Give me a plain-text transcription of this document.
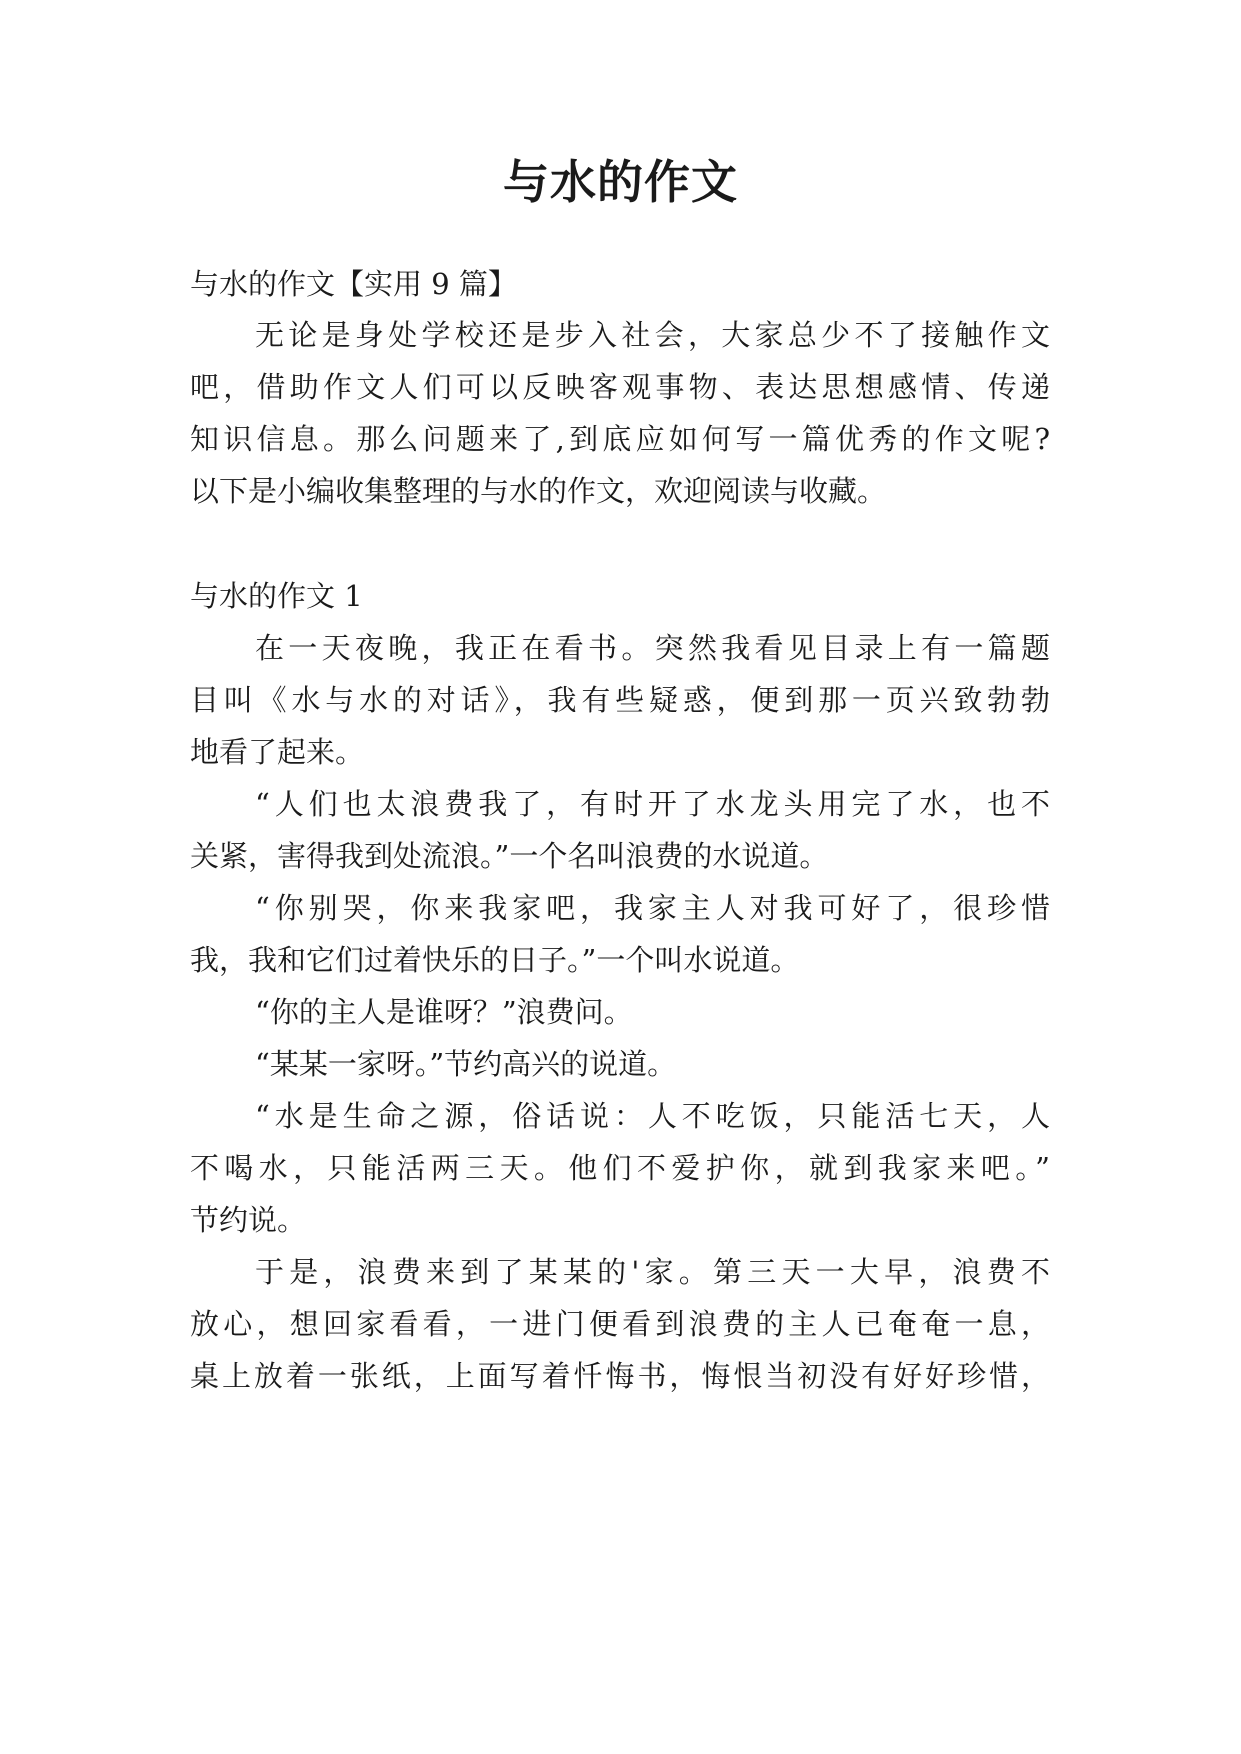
与水的作文

与水的作文【实用 9 篇】

无论是身处学校还是步入社会，大家总少不了接触作文

吧，借助作文人们可以反映客观事物、表达思想感情、传递

知识信息。那么问题来了,到底应如何写一篇优秀的作文呢?

以下是小编收集整理的与水的作文，欢迎阅读与收藏。

与水的作文 1

在一天夜晚，我正在看书。突然我看见目录上有一篇题

目叫《水与水的对话》，我有些疑惑，便到那一页兴致勃勃

地看了起来。

“人们也太浪费我了，有时开了水龙头用完了水，也不

关紧，害得我到处流浪。”一个名叫浪费的水说道。

“你别哭，你来我家吧，我家主人对我可好了，很珍惜

我，我和它们过着快乐的日子。”一个叫水说道。

“你的主人是谁呀？”浪费问。

“某某一家呀。”节约高兴的说道。

“水是生命之源，俗话说：人不吃饭，只能活七天，人

不喝水，只能活两三天。他们不爱护你，就到我家来吧。”

节约说。

于是，浪费来到了某某的'家。第三天一大早，浪费不

放心，想回家看看，一进门便看到浪费的主人已奄奄一息，

桌上放着一张纸，上面写着忏悔书，悔恨当初没有好好珍惜，
